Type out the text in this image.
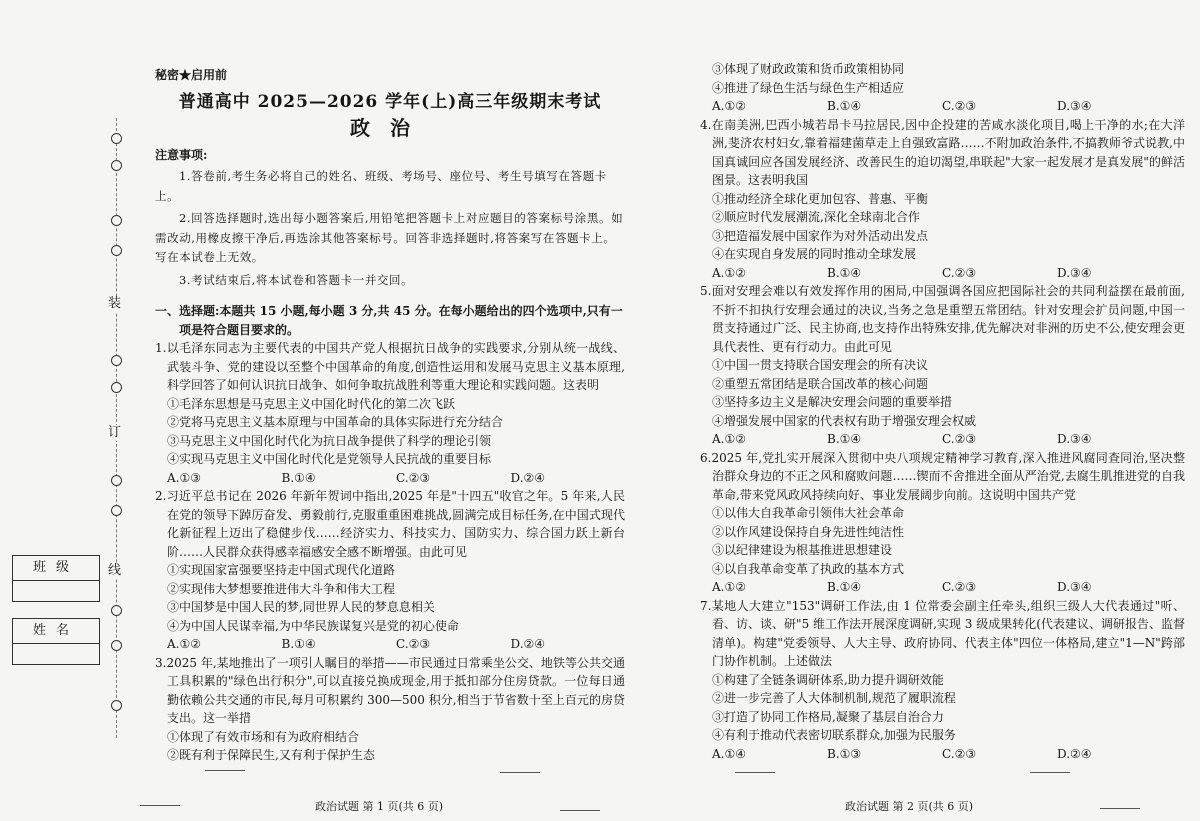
装
订
线
班级
姓名
秘密★启用前
普通高中 2025—2026 学年(上)高三年级期末考试
政治
注意事项:

1.答卷前,考生务必将自己的姓名、班级、考场号、座位号、考生号填写在答题卡上。

2.回答选择题时,选出每小题答案后,用铅笔把答题卡上对应题目的答案标号涂黑。如需改动,用橡皮擦干净后,再选涂其他答案标号。回答非选择题时,将答案写在答题卡上。写在本试卷上无效。

3.考试结束后,将本试卷和答题卡一并交回。

一、选择题:本题共 15 小题,每小题 3 分,共 45 分。在每小题给出的四个选项中,只有一项是符合题目要求的。

1.以毛泽东同志为主要代表的中国共产党人根据抗日战争的实践要求,分别从统一战线、武装斗争、党的建设以至整个中国革命的角度,创造性运用和发展马克思主义基本原理,科学回答了如何认识抗日战争、如何争取抗战胜利等重大理论和实践问题。这表明

①毛泽东思想是马克思主义中国化时代化的第二次飞跃

②党将马克思主义基本原理与中国革命的具体实际进行充分结合

③马克思主义中国化时代化为抗日战争提供了科学的理论引领

④实现马克思主义中国化时代化是党领导人民抗战的重要目标

A.①③	B.①④	C.②③	D.②④

2.习近平总书记在 2026 年新年贺词中指出,2025 年是"十四五"收官之年。5 年来,人民在党的领导下踔厉奋发、勇毅前行,克服重重困难挑战,圆满完成目标任务,在中国式现代化新征程上迈出了稳健步伐……经济实力、科技实力、国防实力、综合国力跃上新台阶……人民群众获得感幸福感安全感不断增强。由此可见

①实现国家富强要坚持走中国式现代化道路

②实现伟大梦想要推进伟大斗争和伟大工程

③中国梦是中国人民的梦,同世界人民的梦息息相关

④为中国人民谋幸福,为中华民族谋复兴是党的初心使命

A.①②	B.①④	C.②③	D.②④

3.2025 年,某地推出了一项引人瞩目的举措——市民通过日常乘坐公交、地铁等公共交通工具积累的"绿色出行积分",可以直接兑换成现金,用于抵扣部分住房贷款。一位每日通勤依赖公共交通的市民,每月可积累约 300—500 积分,相当于节省数十至上百元的房贷支出。这一举措

①体现了有效市场和有为政府相结合

②既有利于保障民生,又有利于保护生态

③体现了财政政策和货币政策相协同

④推进了绿色生活与绿色生产相适应

A.①②	B.①④	C.②③	D.③④

4.在南美洲,巴西小城若昂卡马拉居民,因中企投建的苦咸水淡化项目,喝上干净的水;在大洋洲,斐济农村妇女,靠着福建菌草走上自强致富路……不附加政治条件,不搞教师爷式说教,中国真诚回应各国发展经济、改善民生的迫切渴望,串联起"大家一起发展才是真发展"的鲜活图景。这表明我国

①推动经济全球化更加包容、普惠、平衡

②顺应时代发展潮流,深化全球南北合作

③把造福发展中国家作为对外活动出发点

④在实现自身发展的同时推动全球发展

A.①②	B.①④	C.②③	D.③④

5.面对安理会难以有效发挥作用的困局,中国强调各国应把国际社会的共同利益摆在最前面,不折不扣执行安理会通过的决议,当务之急是重塑五常团结。针对安理会扩员问题,中国一贯支持通过广泛、民主协商,也支持作出特殊安排,优先解决对非洲的历史不公,使安理会更具代表性、更有行动力。由此可见

①中国一贯支持联合国安理会的所有决议

②重塑五常团结是联合国改革的核心问题

③坚持多边主义是解决安理会问题的重要举措

④增强发展中国家的代表权有助于增强安理会权威

A.①②	B.①④	C.②③	D.③④

6.2025 年,党扎实开展深入贯彻中央八项规定精神学习教育,深入推进风腐同查同治,坚决整治群众身边的不正之风和腐败问题……锲而不舍推进全面从严治党,去腐生肌推进党的自我革命,带来党风政风持续向好、事业发展阔步向前。这说明中国共产党

①以伟大自我革命引领伟大社会革命

②以作风建设保持自身先进性纯洁性

③以纪律建设为根基推进思想建设

④以自我革命变革了执政的基本方式

A.①②	B.①④	C.②③	D.③④

7.某地人大建立"153"调研工作法,由 1 位常委会副主任牵头,组织三级人大代表通过"听、看、访、谈、研"5 维工作法开展深度调研,实现 3 级成果转化(代表建议、调研报告、监督清单)。构建"党委领导、人大主导、政府协同、代表主体"四位一体格局,建立"1—N"跨部门协作机制。上述做法

①构建了全链条调研体系,助力提升调研效能

②进一步完善了人大体制机制,规范了履职流程

③打造了协同工作格局,凝聚了基层自治合力

④有利于推动代表密切联系群众,加强为民服务

A.①④	B.①③	C.②③	D.②④
政治试题 第 1 页(共 6 页)	政治试题 第 2 页(共 6 页)
